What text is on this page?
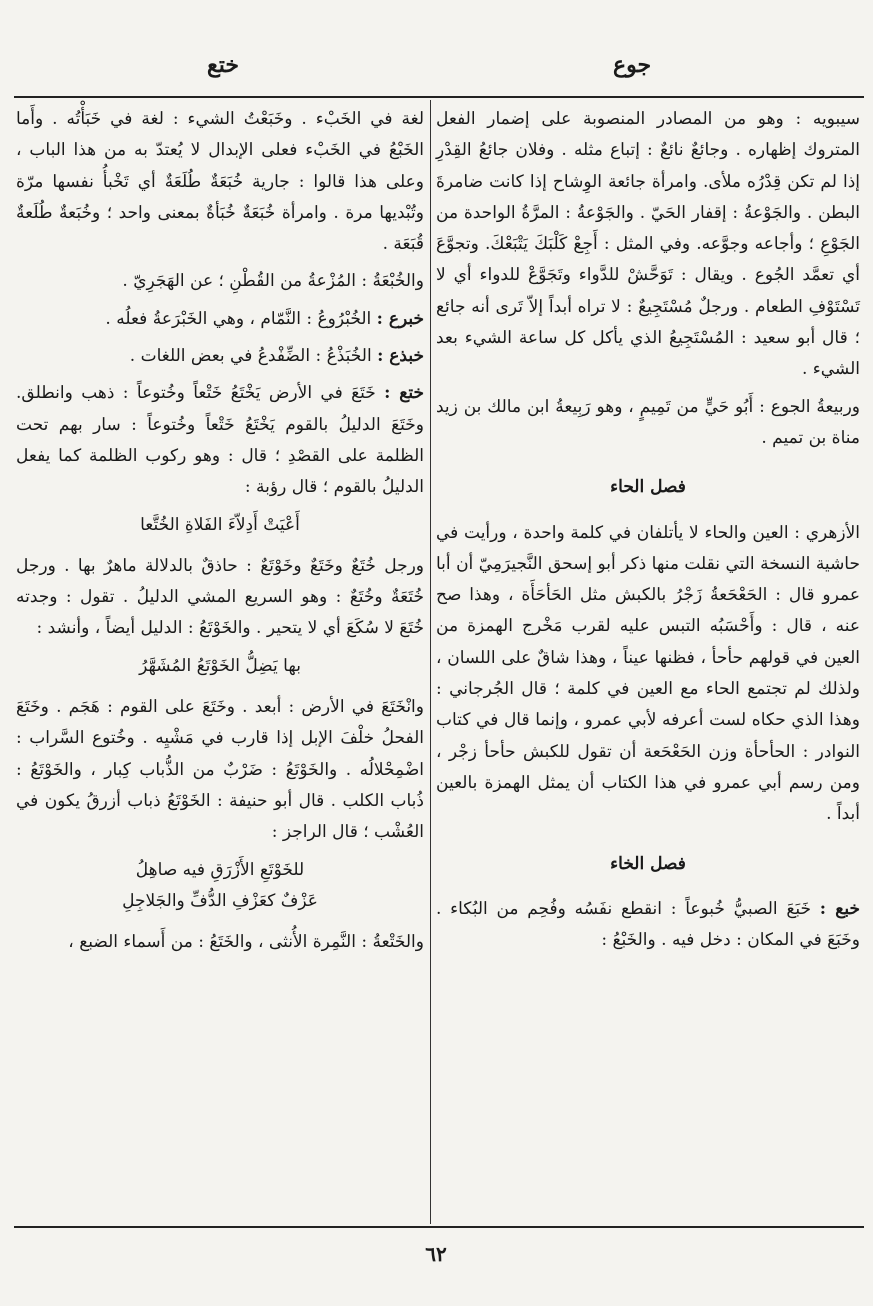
جوع
ختع

سيبويه : وهو من المصادر المنصوبة على إضمار الفعل المتروك إظهاره . وجائعٌ نائعٌ : إتباع مثله . وفلان جائعُ القِدْرِ إذا لم تكن قِدْرُه ملأى. وامرأة جائعة الوِشاح إذا كانت ضامرةَ البطن . والجَوْعةُ : إقفار الحَيّ . والجَوْعةُ : المرَّةُ الواحدة من الجَوْعِ ؛ وأجاعه وجوَّعه. وفي المثل : أَجِعْ كَلْبَكَ يَتْبَعْكَ. وتجوَّعَ أي تعمَّد الجُوع . ويقال : تَوَحَّشْ للدَّواء وتَجَوَّعْ للدواء أي لا تَسْتَوْفِ الطعام . ورجلٌ مُسْتَجِيعٌ : لا تراه أبداً إلاّ تَرى أنه جائع ؛ قال أبو سعيد : المُسْتَجِيعُ الذي يأكل كل ساعة الشيء بعد الشيء .

وربيعةُ الجوع : أَبُو حَيٍّ من تَمِيمٍ ، وهو رَبِيعةُ ابن مالك بن زيد مناة بن تميم .

فصل الحاء

الأزهري : العين والحاء لا يأتلفان في كلمة واحدة ، ورأيت في حاشية النسخة التي نقلت منها ذكر أبو إسحق النَّجيرَمِيّ أن أبا عمرو قال : الحَعْحَعةُ زَجْرُ بالكبش مثل الحَأحَأَة ، وهذا صح عنه ، قال : وأَحْسَبُه التبس عليه لقرب مَخْرج الهمزة من العين في قولهم حأحأ ، فظنها عيناً ، وهذا شاقٌ على اللسان ، ولذلك لم تجتمع الحاء مع العين في كلمة ؛ قال الجُرجاني : وهذا الذي حكاه لست أعرفه لأبي عمرو ، وإنما قال في كتاب النوادر : الحأحأة وزن الحَعْحَعة أن تقول للكبش حأحأ زجْر ، ومن رسم أبي عمرو في هذا الكتاب أن يمثل الهمزة بالعين أبداً .

فصل الخاء

خبع : خَبَعَ الصبيُّ خُبوعاً : انقطع نفَسُه وفُحِم من البُكاء . وخَبَعَ في المكان : دخل فيه . والخَبْعُ :

لغة في الخَبْء . وخَبَعْتُ الشيء : لغة في خَبَأْتُه . وأَما الخَبْعُ في الخَبْء فعلى الإبدال لا يُعتدّ به من هذا الباب ، وعلى هذا قالوا : جارية خُبَعَةٌ طُلَعَةٌ أي تَخْبأُ نفسها مرّة وتُبْديها مرة . وامرأة خُبَعَةٌ خُبَأةٌ بمعنى واحد ؛ وخُبَعةٌ طُلَعةٌ قُبَعَة .

والخُبْعَةُ : المُزْعةُ من القُطْنِ ؛ عن الهَجَرِيّ .

خبرع : الخُبْرُوعُ : النَّمّام ، وهي الخَبْرَعةُ فعلُه .

خبذع : الخُبَذْعُ : الضِّفْدعُ في بعض اللغات .

ختع : خَتَعَ في الأرض يَخْتَعُ خَتْعاً وخُتوعاً : ذهب وانطلق. وخَتَعَ الدليلُ بالقوم يَخْتَعُ خَتْعاً وخُتوعاً : سار بهم تحت الظلمة على القصْدِ ؛ قال : وهو ركوب الظلمة كما يفعل الدليلُ بالقوم ؛ قال رؤبة :

أَعْيَتْ أَدِلاّءَ الفَلاةِ الخُتَّعا

ورجل خُتَعٌ وخَتَعٌ وخَوْتَعٌ : حاذقٌ بالدلالة ماهرٌ بها . ورجل خُتَعَةٌ وخُتَعٌ : وهو السريع المشي الدليلُ . تقول : وجدته خُتَعَ لا سُكَعَ أي لا يتحير . والخَوْتَعُ : الدليل أيضاً ، وأنشد :

بها يَضِلُّ الخَوْتَعُ المُشَهَّرُ

وانْخَتَعَ في الأرض : أبعد . وخَتَعَ على القوم : هَجَم . وخَتَعَ الفحلُ خلْفَ الإبل إذا قارب في مَشْيِه . وخُتوع السَّراب : اضْمِحْلالُه . والخَوْتَعُ : ضَرْبٌ من الذُّباب كِبار ، والخَوْتَعُ : ذُباب الكلب . قال أبو حنيفة : الخَوْتَعُ ذباب أزرقُ يكون في العُشْب ؛ قال الراجز :

للخَوْتَعِ الأَزْرَقِ فيه صاهِلُ
عَزْفٌ كعَزْفِ الدُّفِّ والجَلاجِلِ

والخَتْعةُ : النَّمِرة الأُنثى ، والخَتَعُ : من أَسماء الضبع ،

٦٢
